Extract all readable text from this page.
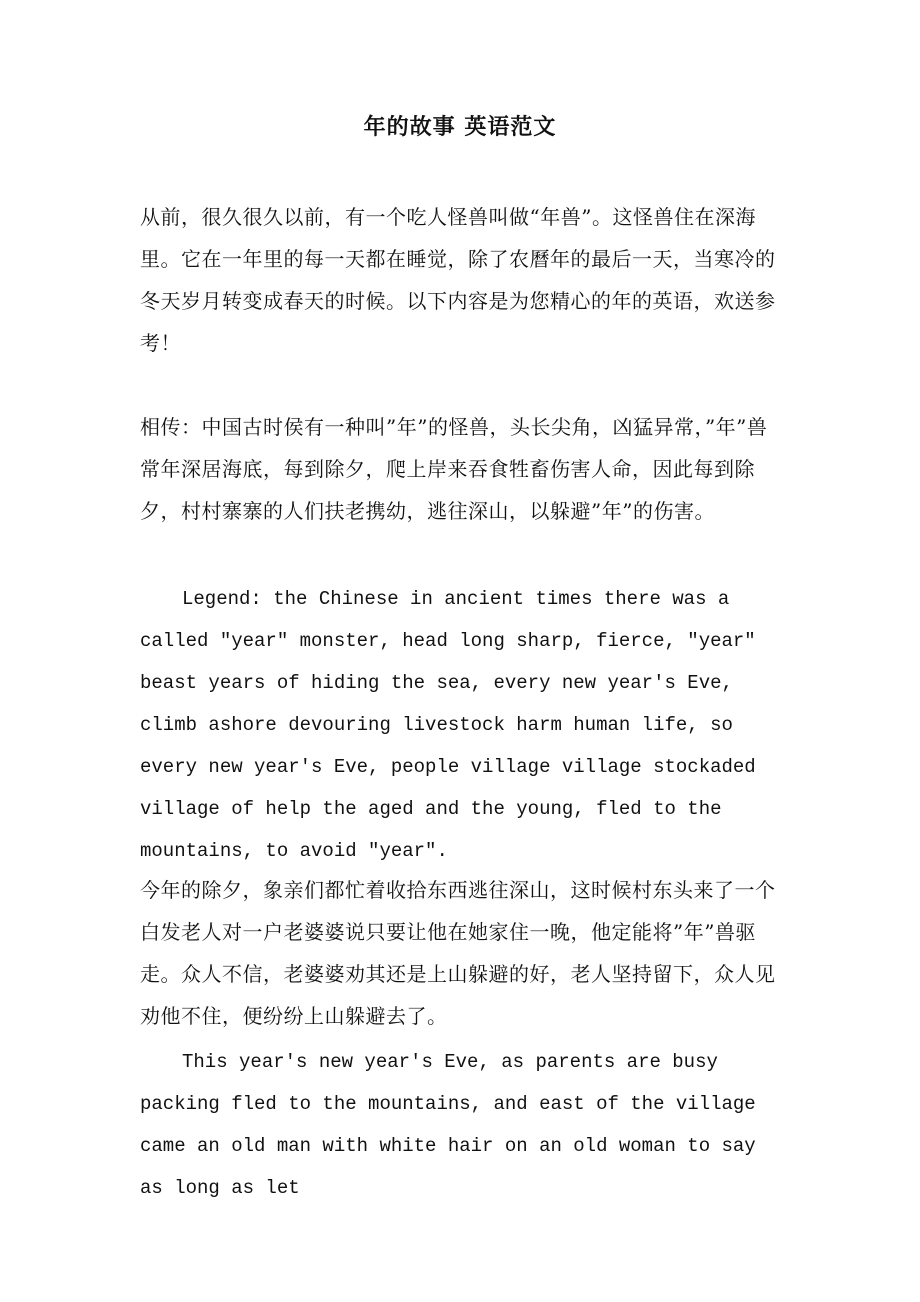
年的故事 英语范文
从前，很久很久以前，有一个吃人怪兽叫做“年兽”。这怪兽住在深海里。它在一年里的每一天都在睡觉，除了农曆年的最后一天，当寒冷的冬天岁月转变成春天的时候。以下内容是为您精心的年的英语，欢送参考！
相传：中国古时侯有一种叫”年”的怪兽，头长尖角，凶猛异常，”年”兽常年深居海底，每到除夕，爬上岸来吞食牲畜伤害人命，因此每到除夕，村村寨寨的人们扶老携幼，逃往深山，以躲避”年”的伤害。
Legend: the Chinese in ancient times there was a called "year" monster, head long sharp, fierce, "year" beast years of hiding the sea, every new year's Eve, climb ashore devouring livestock harm human life, so every new year's Eve, people village village stockaded village of help the aged and the young, fled to the mountains, to avoid "year".
今年的除夕，象亲们都忙着收拾东西逃往深山，这时候村东头来了一个白发老人对一户老婆婆说只要让他在她家住一晚，他定能将”年”兽驱走。众人不信，老婆婆劝其还是上山躲避的好，老人坚持留下，众人见劝他不住，便纷纷上山躲避去了。
This year's new year's Eve, as parents are busy packing fled to the mountains, and east of the village came an old man with white hair on an old woman to say as long as let
